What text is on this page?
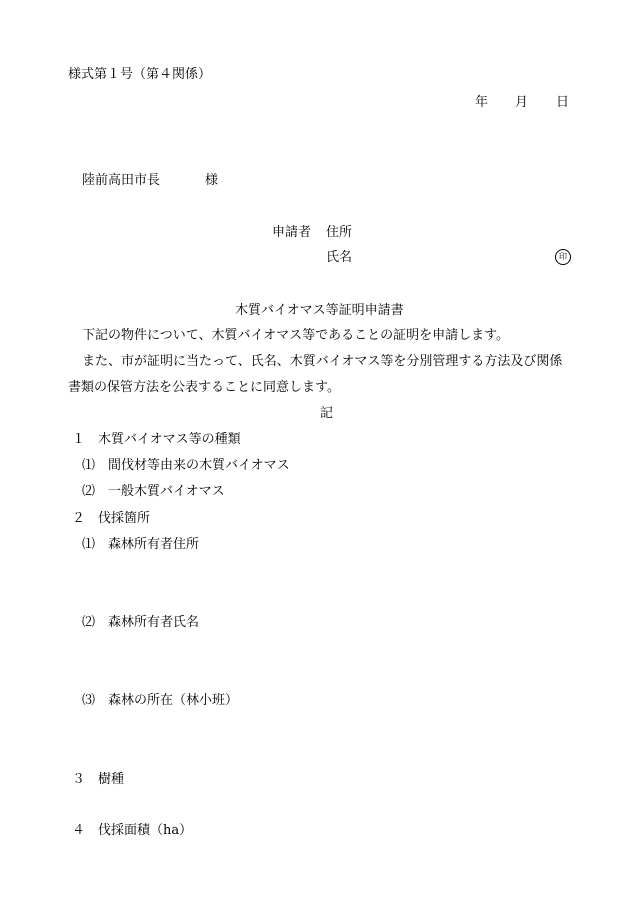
様式第１号（第４関係）
年 月 日
陸前高田市長	様
申請者 住所
氏名	印
木質バイオマス等証明申請書
下記の物件について、木質バイオマス等であることの証明を申請します。
また、市が証明に当たって、氏名、木質バイオマス等を分別管理する方法及び関係
書類の保管方法を公表することに同意します。
記
１　木質バイオマス等の種類
⑴　間伐材等由来の木質バイオマス
⑵　一般木質バイオマス
２　伐採箇所
⑴　森林所有者住所
⑵　森林所有者氏名
⑶　森林の所在（林小班）
３　樹種
４　伐採面積（ha）
